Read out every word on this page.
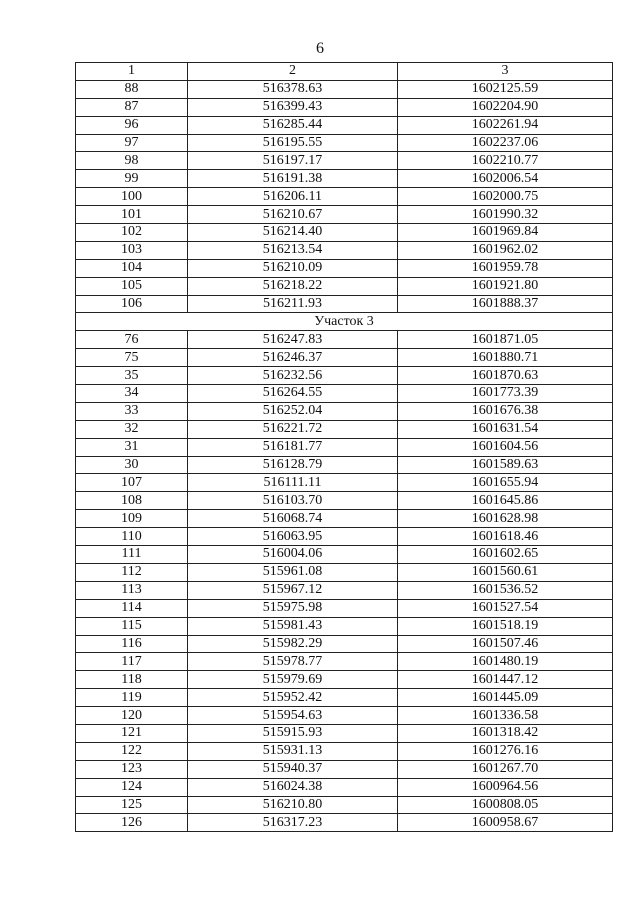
6
1	2	3
88	516378.63	1602125.59
87	516399.43	1602204.90
96	516285.44	1602261.94
97	516195.55	1602237.06
98	516197.17	1602210.77
99	516191.38	1602006.54
100	516206.11	1602000.75
101	516210.67	1601990.32
102	516214.40	1601969.84
103	516213.54	1601962.02
104	516210.09	1601959.78
105	516218.22	1601921.80
106	516211.93	1601888.37
Участок 3		
76	516247.83	1601871.05
75	516246.37	1601880.71
35	516232.56	1601870.63
34	516264.55	1601773.39
33	516252.04	1601676.38
32	516221.72	1601631.54
31	516181.77	1601604.56
30	516128.79	1601589.63
107	516111.11	1601655.94
108	516103.70	1601645.86
109	516068.74	1601628.98
110	516063.95	1601618.46
111	516004.06	1601602.65
112	515961.08	1601560.61
113	515967.12	1601536.52
114	515975.98	1601527.54
115	515981.43	1601518.19
116	515982.29	1601507.46
117	515978.77	1601480.19
118	515979.69	1601447.12
119	515952.42	1601445.09
120	515954.63	1601336.58
121	515915.93	1601318.42
122	515931.13	1601276.16
123	515940.37	1601267.70
124	516024.38	1600964.56
125	516210.80	1600808.05
126	516317.23	1600958.67
